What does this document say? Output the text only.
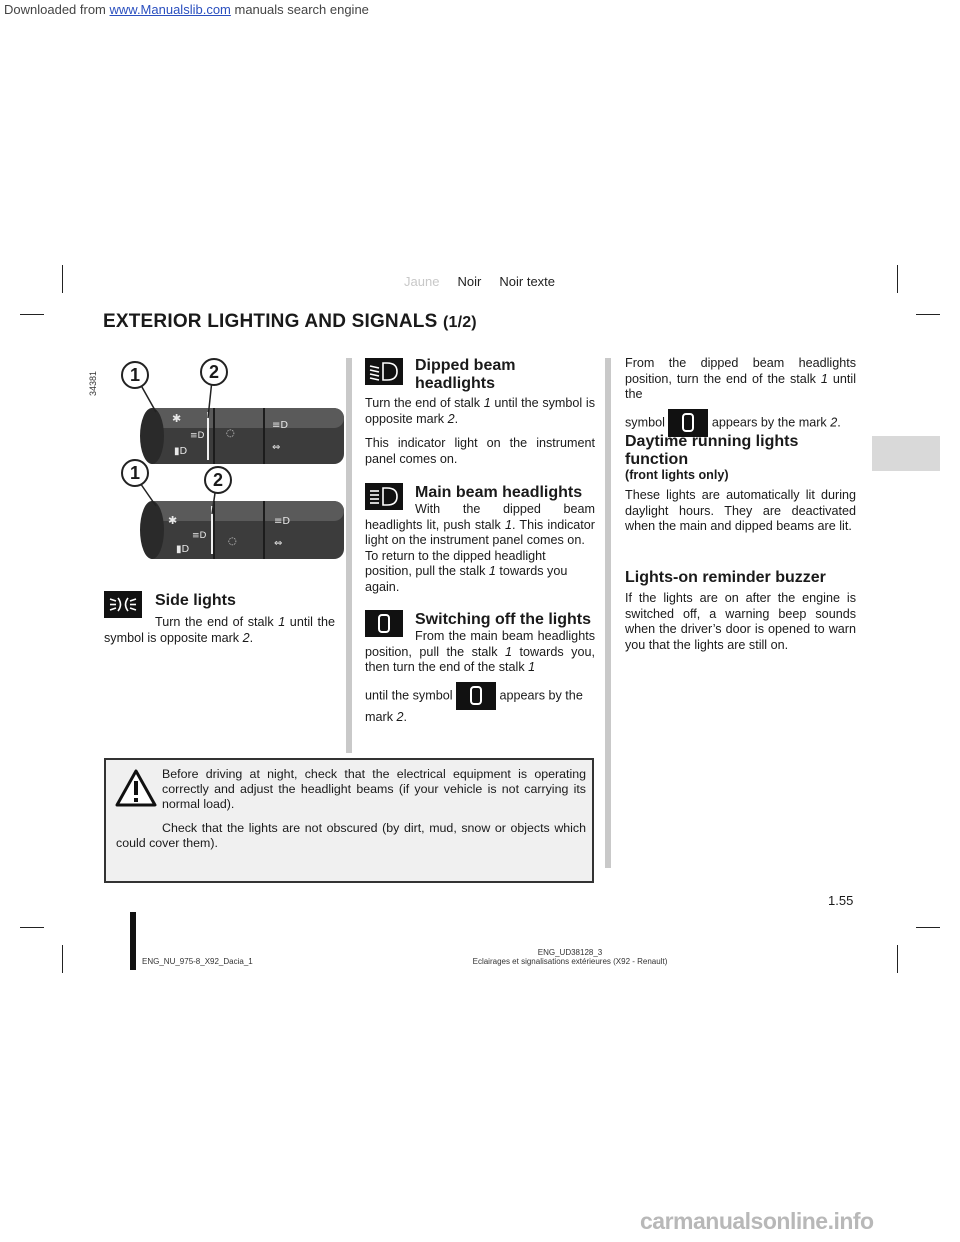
Jaune Noir Noir texte
EXTERIOR LIGHTING AND SIGNALS (1/2)
34381
✱
▮D
≡D ◌
≡D
⇔
✱
▮D
≡D ◌
≡D
⇔
1	2
1	2
Side lights
Turn the end of stalk 1 until the symbol is opposite mark 2.
Dipped beam headlights

Turn the end of stalk 1 until the symbol is opposite mark 2.

This indicator light on the instrument panel comes on.

Main beam headlights
With the dipped beam headlights lit, push stalk 1. This indicator light on the instrument panel comes on.
To return to the dipped headlight position, pull the stalk 1 towards you again.
Switching off the lights
From the main beam headlights position, pull the stalk 1 towards you, then turn the end of the stalk 1
until the symbol	appears by the mark 2.
From the dipped beam headlights position, turn the end of the stalk 1 until the
symbol	appears by the mark 2.
Daytime running lights function
(front lights only)
These lights are automatically lit during daylight hours. They are deactivated when the main and dipped beams are lit.
Lights-on reminder buzzer
If the lights are on after the engine is switched off, a warning beep sounds when the driver’s door is opened to warn you that the lights are still on.

Before driving at night, check that the electrical equipment is operating correctly and adjust the headlight beams (if your vehicle is not carrying its normal load).

Check that the lights are not obscured (by dirt, mud, snow or objects which could cover them).

1.55
ENG_NU_975-8_X92_Dacia_1
ENG_UD38128_3
Eclairages et signalisations extérieures (X92 - Renault)
Downloaded from www.Manualslib.com manuals search engine
carmanualsonline.info
